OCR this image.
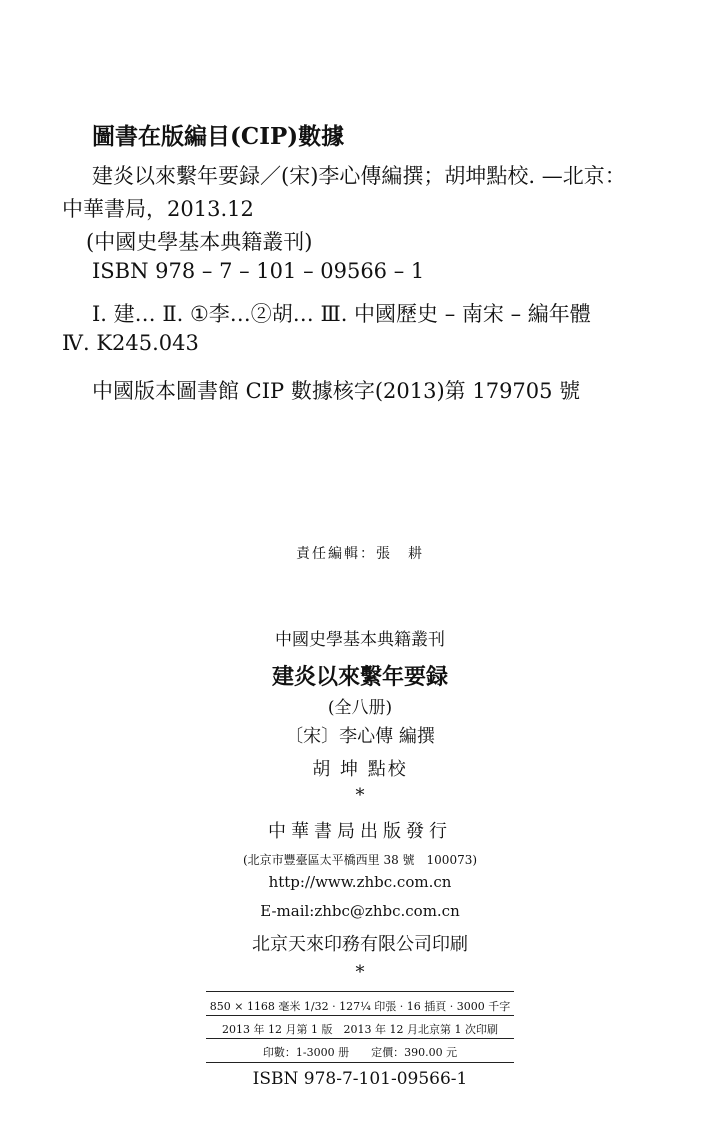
圖書在版編目(CIP)數據
建炎以來繫年要録／(宋)李心傳編撰；胡坤點校. —北京：
中華書局，2013.12
(中國史學基本典籍叢刊)
ISBN 978 – 7 – 101 – 09566 – 1
Ⅰ. 建… Ⅱ. ①李…②胡… Ⅲ. 中國歷史 – 南宋 – 編年體
Ⅳ. K245.043
中國版本圖書館 CIP 數據核字(2013)第 179705 號
責任編輯：張　耕
中國史學基本典籍叢刊
建炎以來繫年要録
(全八册)
〔宋〕李心傳 編撰
胡 坤 點校
*
中華書局出版發行
(北京市豐臺區太平橋西里 38 號　100073)
http://www.zhbc.com.cn
E-mail:zhbc@zhbc.com.cn
北京天來印務有限公司印刷
*
850 × 1168 毫米 1/32 · 127¼ 印張 · 16 插頁 · 3000 千字
2013 年 12 月第 1 版　2013 年 12 月北京第 1 次印刷
印數：1-3000 册　　定價：390.00 元
ISBN 978-7-101-09566-1
